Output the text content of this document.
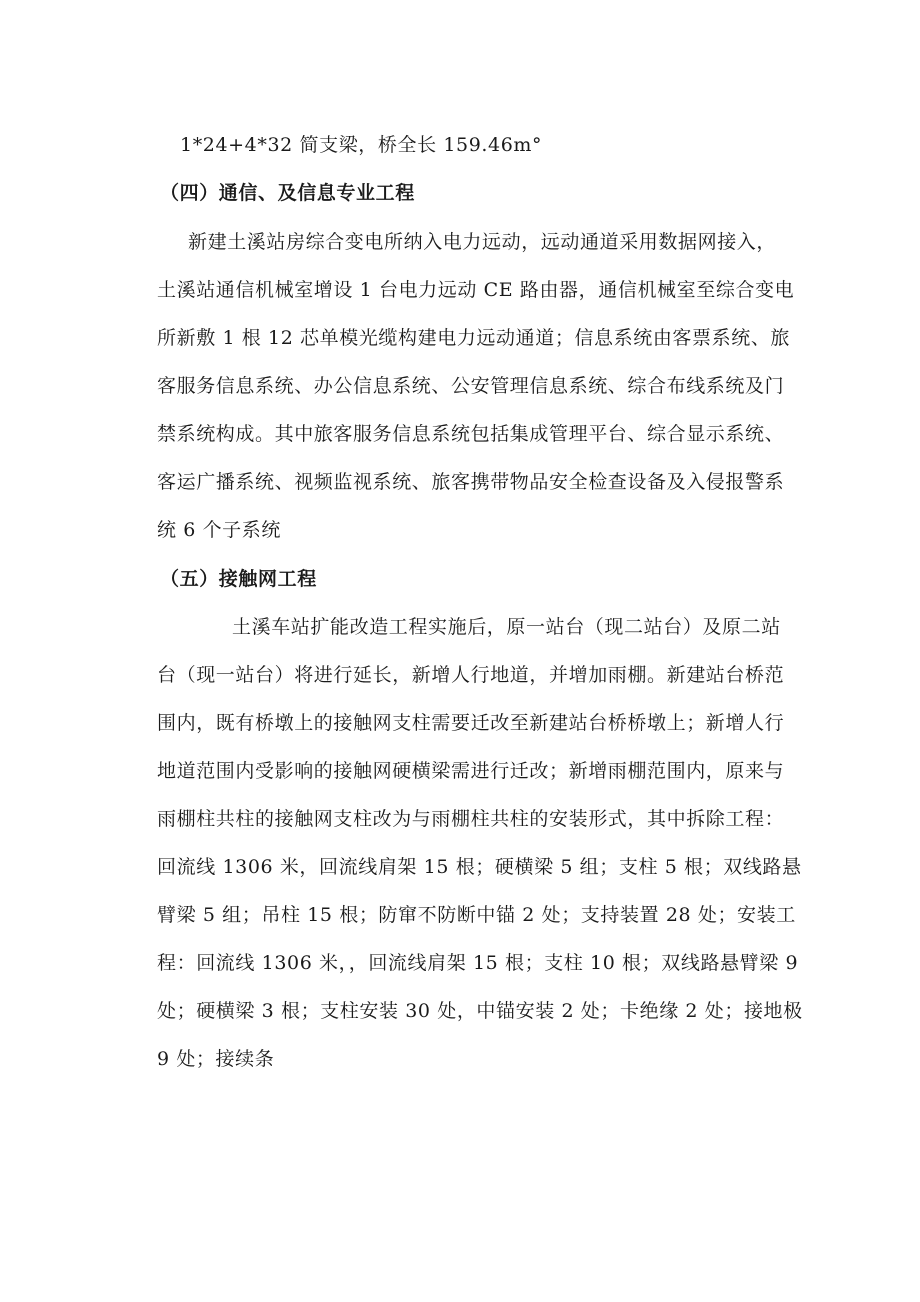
1*24+4*32 简支梁，桥全长 159.46m°
（四）通信、及信息专业工程
新建土溪站房综合变电所纳入电力远动，远动通道采用数据网接入，
土溪站通信机械室增设 1 台电力远动 CE 路由器，通信机械室至综合变电
所新敷 1 根 12 芯单模光缆构建电力远动通道；信息系统由客票系统、旅
客服务信息系统、办公信息系统、公安管理信息系统、综合布线系统及门
禁系统构成。其中旅客服务信息系统包括集成管理平台、综合显示系统、
客运广播系统、视频监视系统、旅客携带物品安全检查设备及入侵报警系
统 6 个子系统
（五）接触网工程
土溪车站扩能改造工程实施后，原一站台（现二站台）及原二站
台（现一站台）将进行延长，新增人行地道，并增加雨棚。新建站台桥范
围内，既有桥墩上的接触网支柱需要迁改至新建站台桥桥墩上；新增人行
地道范围内受影响的接触网硬横梁需进行迁改；新增雨棚范围内，原来与
雨棚柱共柱的接触网支柱改为与雨棚柱共柱的安装形式，其中拆除工程：
回流线 1306 米，回流线肩架 15 根；硬横梁 5 组；支柱 5 根；双线路悬
臂梁 5 组；吊柱 15 根；防窜不防断中锚 2 处；支持装置 28 处；安装工
程：回流线 1306 米，，回流线肩架 15 根；支柱 10 根；双线路悬臂梁 9
处；硬横梁 3 根；支柱安装 30 处，中锚安装 2 处；卡绝缘 2 处；接地极
9 处；接续条
